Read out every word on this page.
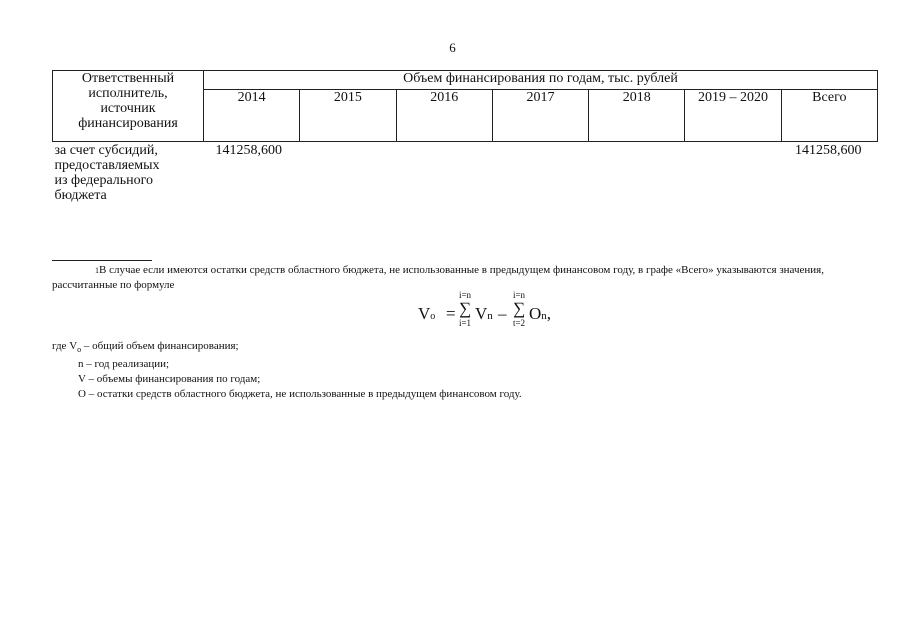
6
Ответственный
исполнитель,
источник
финансирования	Объем финансирования по годам, тыс. рублей						
	2014	2015	2016	2017	2018	2019 – 2020	Всего

за счет субсидий,
предоставляемых
из федерального
бюджета	141258,600						141258,600
$^1$В случае если имеются остатки средств областного бюджета, не использованные в предыдущем финансовом году, в графе «Всего» указываются значения, рассчитанные по формуле
Vo =
i=n
∑
i=1 Vn –
i=n
∑
t=2 On,
где $V_o$ – общий объем финансирования;
n – год реализации;
V – объемы финансирования по годам;
О – остатки средств областного бюджета, не использованные в предыдущем финансовом году.
